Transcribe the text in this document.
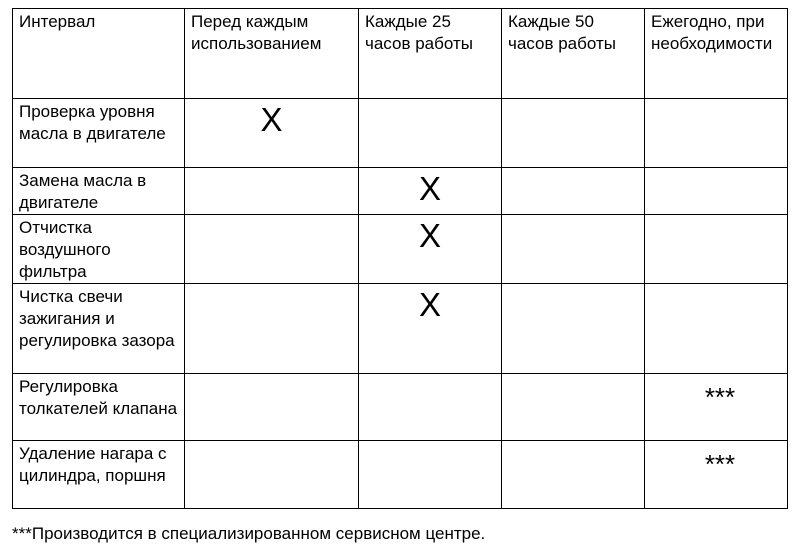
Интервал	Перед каждым использованием	Каждые 25 часов работы	Каждые 50 часов работы	Ежегодно, при необходимости
Проверка уровня масла в двигателе	X			
Замена масла в двигателе		X		
Отчистка воздушного фильтра		X		
Чистка свечи зажигания и регулировка зазора		X		
Регулировка толкателей клапана				***
Удаление нагара с цилиндра, поршня				***
***Производится в специализированном сервисном центре.
